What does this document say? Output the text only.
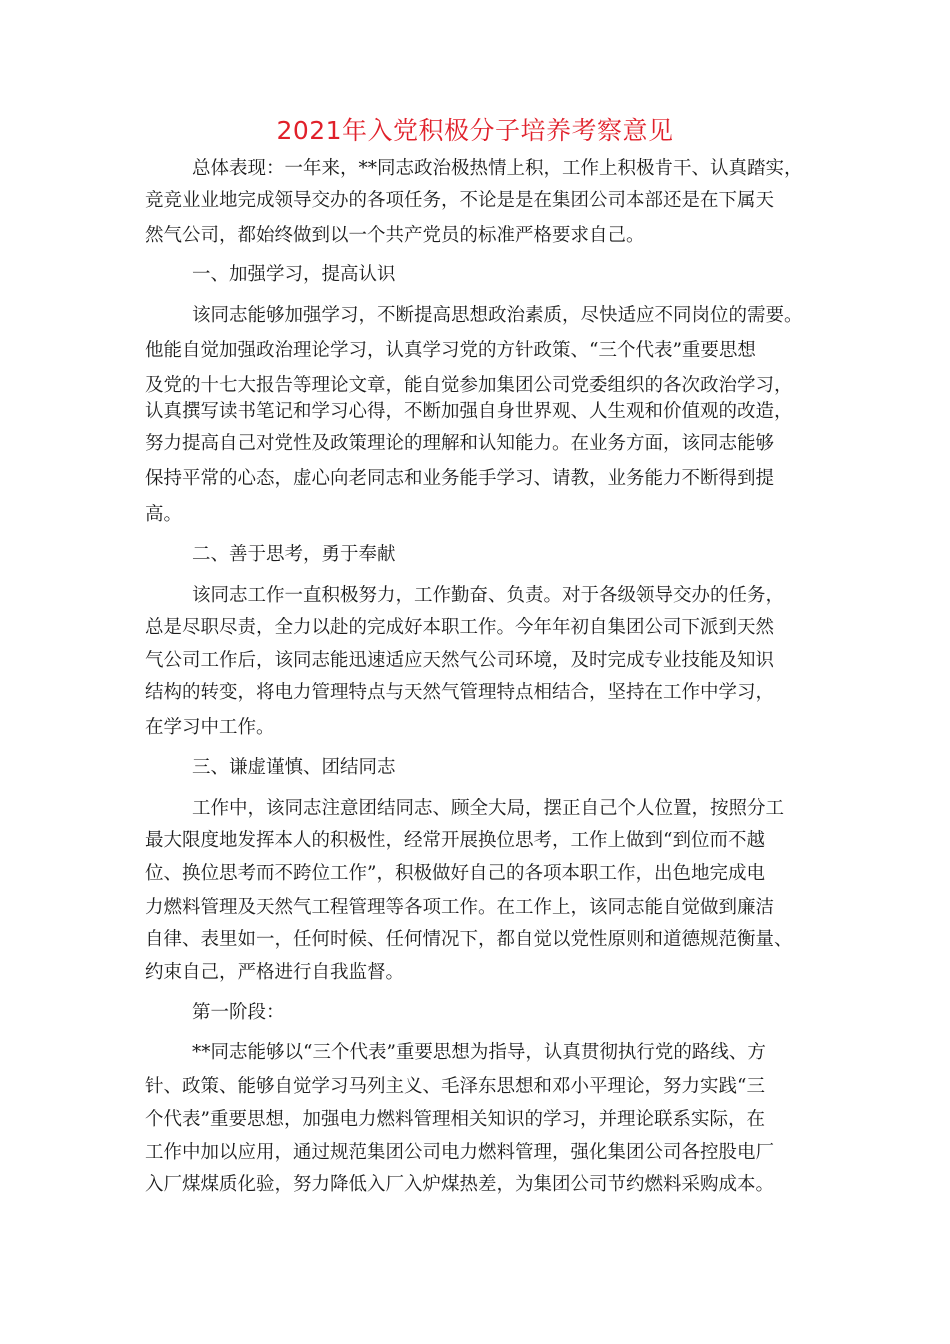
2021年入党积极分子培养考察意见
总体表现：一年来，**同志政治极热情上积，工作上积极肯干、认真踏实，
竞竞业业地完成领导交办的各项任务，不论是是在集团公司本部还是在下属天
然气公司，都始终做到以一个共产党员的标准严格要求自己。
一、加强学习，提高认识
该同志能够加强学习，不断提高思想政治素质，尽快适应不同岗位的需要。
他能自觉加强政治理论学习，认真学习党的方针政策、“三个代表”重要思想
及党的十七大报告等理论文章，能自觉参加集团公司党委组织的各次政治学习，
认真撰写读书笔记和学习心得，不断加强自身世界观、人生观和价值观的改造，
努力提高自己对党性及政策理论的理解和认知能力。在业务方面，该同志能够
保持平常的心态，虚心向老同志和业务能手学习、请教，业务能力不断得到提
高。
二、善于思考，勇于奉献
该同志工作一直积极努力，工作勤奋、负责。对于各级领导交办的任务，
总是尽职尽责，全力以赴的完成好本职工作。今年年初自集团公司下派到天然
气公司工作后，该同志能迅速适应天然气公司环境，及时完成专业技能及知识
结构的转变，将电力管理特点与天然气管理特点相结合，坚持在工作中学习，
在学习中工作。
三、谦虚谨慎、团结同志
工作中，该同志注意团结同志、顾全大局，摆正自己个人位置，按照分工
最大限度地发挥本人的积极性，经常开展换位思考，工作上做到“到位而不越
位、换位思考而不跨位工作”，积极做好自己的各项本职工作，出色地完成电
力燃料管理及天然气工程管理等各项工作。在工作上，该同志能自觉做到廉洁
自律、表里如一，任何时候、任何情况下，都自觉以党性原则和道德规范衡量、
约束自己，严格进行自我监督。
第一阶段：
**同志能够以“三个代表”重要思想为指导，认真贯彻执行党的路线、方
针、政策、能够自觉学习马列主义、毛泽东思想和邓小平理论，努力实践“三
个代表”重要思想，加强电力燃料管理相关知识的学习，并理论联系实际，在
工作中加以应用，通过规范集团公司电力燃料管理，强化集团公司各控股电厂
入厂煤煤质化验，努力降低入厂入炉煤热差，为集团公司节约燃料采购成本。
